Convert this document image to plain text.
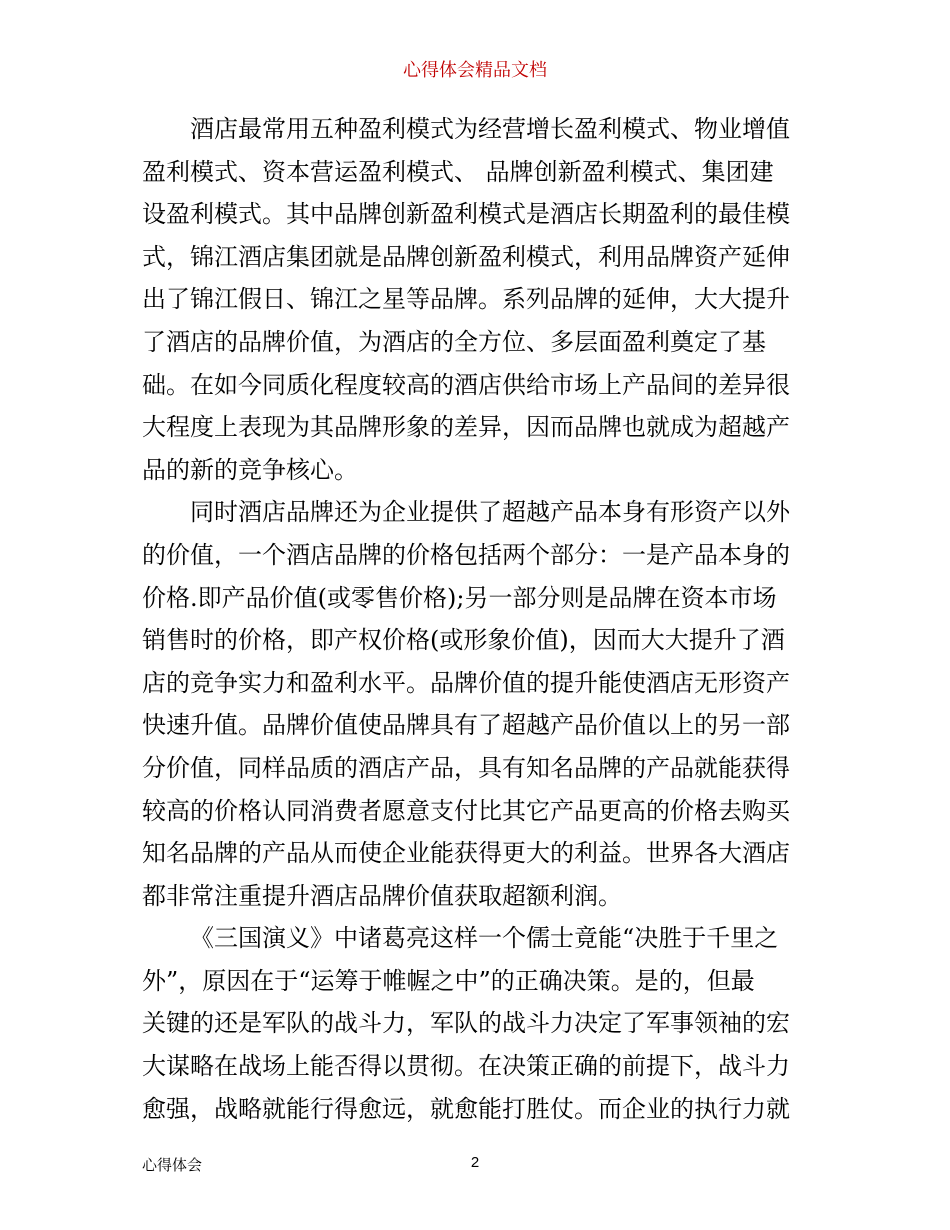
心得体会精品文档
酒店最常用五种盈利模式为经营增长盈利模式、物业增值
盈利模式、资本营运盈利模式、 品牌创新盈利模式、集团建
设盈利模式。其中品牌创新盈利模式是酒店长期盈利的最佳模
式，锦江酒店集团就是品牌创新盈利模式，利用品牌资产延伸
出了锦江假日、锦江之星等品牌。系列品牌的延伸，大大提升
了酒店的品牌价值，为酒店的全方位、多层面盈利奠定了基
础。在如今同质化程度较高的酒店供给市场上产品间的差异很
大程度上表现为其品牌形象的差异，因而品牌也就成为超越产
品的新的竞争核心。
同时酒店品牌还为企业提供了超越产品本身有形资产以外
的价值，一个酒店品牌的价格包括两个部分：一是产品本身的
价格.即产品价值(或零售价格);另一部分则是品牌在资本市场
销售时的价格，即产权价格(或形象价值)，因而大大提升了酒
店的竞争实力和盈利水平。品牌价值的提升能使酒店无形资产
快速升值。品牌价值使品牌具有了超越产品价值以上的另一部
分价值，同样品质的酒店产品，具有知名品牌的产品就能获得
较高的价格认同消费者愿意支付比其它产品更高的价格去购买
知名品牌的产品从而使企业能获得更大的利益。世界各大酒店
都非常注重提升酒店品牌价值获取超额利润。
《三国演义》中诸葛亮这样一个儒士竟能“决胜于千里之
外”，原因在于“运筹于帷幄之中”的正确决策。是的，但最
关键的还是军队的战斗力，军队的战斗力决定了军事领袖的宏
大谋略在战场上能否得以贯彻。在决策正确的前提下，战斗力
愈强，战略就能行得愈远，就愈能打胜仗。而企业的执行力就
心得体会	2
